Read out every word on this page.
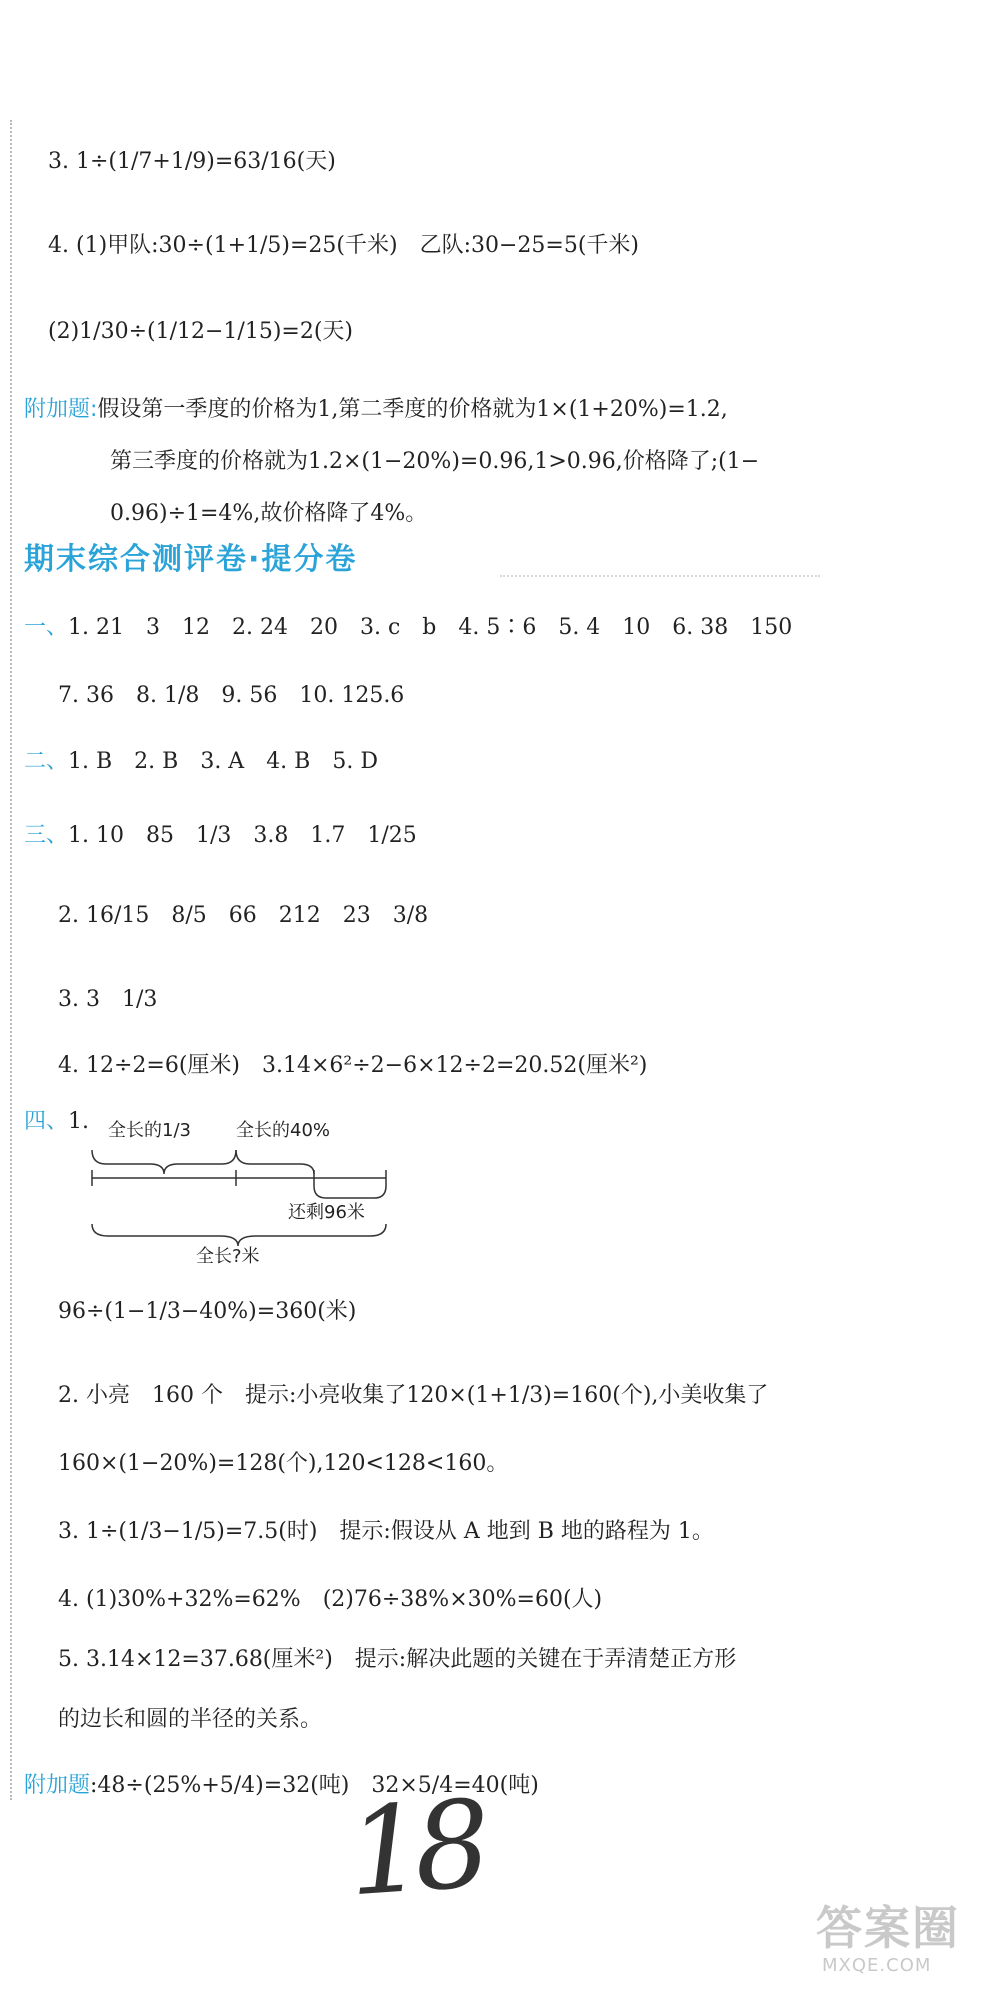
3. 1÷(1/7+1/9)=63/16(天)
4. (1)甲队:30÷(1+1/5)=25(千米)　乙队:30−25=5(千米)
(2)1/30÷(1/12−1/15)=2(天)
附加题:假设第一季度的价格为1,第二季度的价格就为1×(1+20%)=1.2,
第三季度的价格就为1.2×(1−20%)=0.96,1>0.96,价格降了;(1−
0.96)÷1=4%,故价格降了4%。
期末综合测评卷·提分卷
一、1. 21　3　12　2. 24　20　3. c　b　4. 5∶6　5. 4　10　6. 38　150
7. 36　8. 1/8　9. 56　10. 125.6
二、1. B　2. B　3. A　4. B　5. D
三、1. 10　85　1/3　3.8　1.7　1/25
2. 16/15　8/5　66　212　23　3/8
3. 3　1/3
4. 12÷2=6(厘米)　3.14×6²÷2−6×12÷2=20.52(厘米²)
四、1. 全长的1/3	全长的40%
还剩96米
全长?米
96÷(1−1/3−40%)=360(米)
2. 小亮　160 个　提示:小亮收集了120×(1+1/3)=160(个),小美收集了
160×(1−20%)=128(个),120<128<160。
3. 1÷(1/3−1/5)=7.5(时)　提示:假设从 A 地到 B 地的路程为 1。
4. (1)30%+32%=62%　(2)76÷38%×30%=60(人)
5. 3.14×12=37.68(厘米²)　提示:解决此题的关键在于弄清楚正方形
的边长和圆的半径的关系。
附加题:48÷(25%+5/4)=32(吨)　32×5/4=40(吨)
18
答案圈
MXQE.COM
